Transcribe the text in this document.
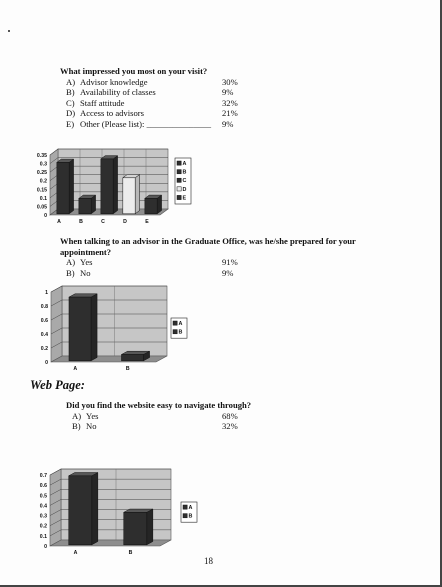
What impressed you most on your visit?
A) Advisor knowledge	30%
B) Availability of classes	9%
C) Staff attitude	32%
D) Access to advisors	21%
E) Other (Please list): _______________ 9%
0
0.05
0.1
0.15
0.2
0.25
0.3
0.35
A	B	C	D	E
A
B
C
D
E
When talking to an advisor in the Graduate Office, was he/she prepared for your
appointment?
A) Yes	91%
B) No	9%
0
0.2
0.4
0.6
0.8
1
A	B
A
B
Web Page:
Did you find the website easy to navigate through?
A) Yes	68%
B) No	32%
0
0.1
0.2
0.3
0.4
0.5
0.6
0.7
A	B
A
B
18
